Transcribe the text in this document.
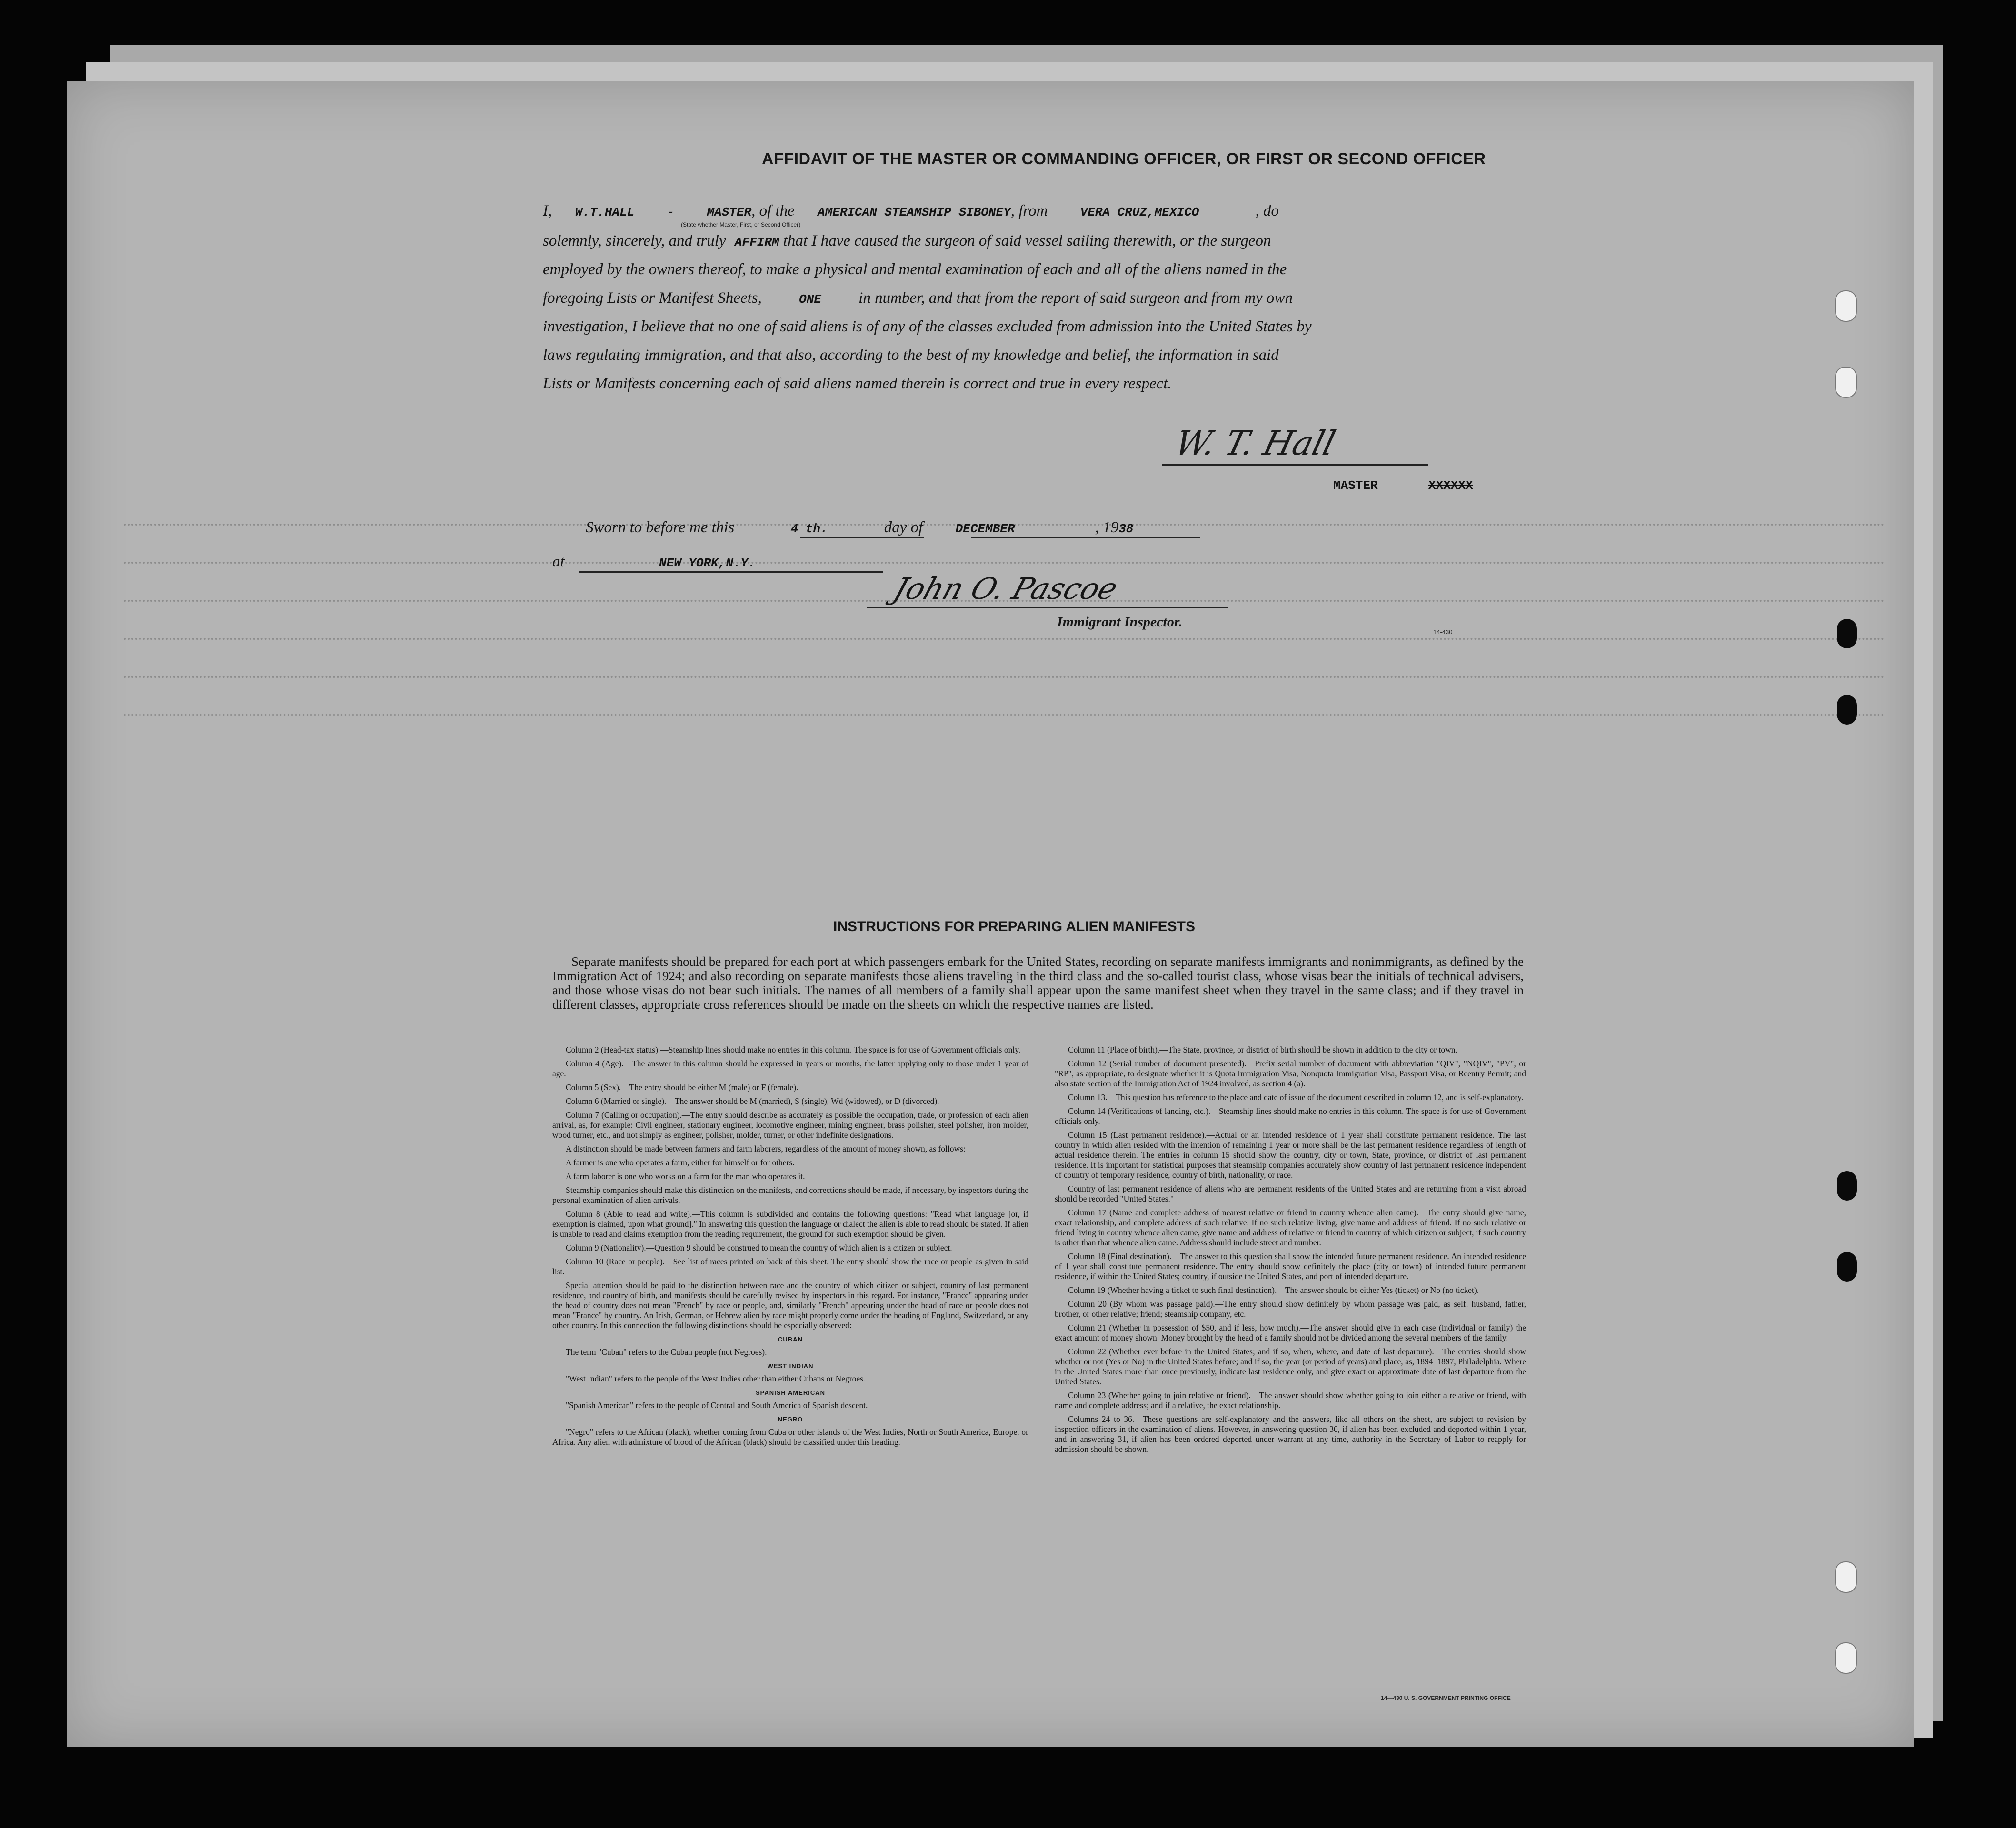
AFFIDAVIT OF THE MASTER OR COMMANDING OFFICER, OR FIRST OR SECOND OFFICER
I, W.T.HALL	-	MASTER, of the AMERICAN STEAMSHIP SIBONEY, from	VERA CRUZ,MEXICO	, do
(State whether Master, First, or Second Officer)
solemnly, sincerely, and truly AFFIRM that I have caused the surgeon of said vessel sailing therewith, or the surgeon
employed by the owners thereof, to make a physical and mental examination of each and all of the aliens named in the
foregoing Lists or Manifest Sheets,	ONE in number, and that from the report of said surgeon and from my own
investigation, I believe that no one of said aliens is of any of the classes excluded from admission into the United States by
laws regulating immigration, and that also, according to the best of my knowledge and belief, the information in said
Lists or Manifests concerning each of said aliens named therein is correct and true in every respect.
W. T. Hall
MASTER	XXXXXX
Sworn to before me this	4 th.	day of	DECEMBER	, 1938
at	NEW YORK,N.Y.
John O. Pascoe
Immigrant Inspector.
14-430
INSTRUCTIONS FOR PREPARING ALIEN MANIFESTS
Separate manifests should be prepared for each port at which passengers embark for the United States, recording on separate manifests immigrants and nonimmigrants, as defined by the Immigration Act of 1924; and also recording on separate manifests those aliens traveling in the third class and the so-called tourist class, whose visas bear the initials of technical advisers, and those whose visas do not bear such initials. The names of all members of a family shall appear upon the same manifest sheet when they travel in the same class; and if they travel in different classes, appropriate cross references should be made on the sheets on which the respective names are listed.

Column 2 (Head-tax status).—Steamship lines should make no entries in this column. The space is for use of Government officials only.

Column 4 (Age).—The answer in this column should be expressed in years or months, the latter applying only to those under 1 year of age.

Column 5 (Sex).—The entry should be either M (male) or F (female).

Column 6 (Married or single).—The answer should be M (married), S (single), Wd (widowed), or D (divorced).

Column 7 (Calling or occupation).—The entry should describe as accurately as possible the occupation, trade, or profession of each alien arrival, as, for example: Civil engineer, stationary engineer, locomotive engineer, mining engineer, brass polisher, steel polisher, iron molder, wood turner, etc., and not simply as engineer, polisher, molder, turner, or other indefinite designations.

A distinction should be made between farmers and farm laborers, regardless of the amount of money shown, as follows:

A farmer is one who operates a farm, either for himself or for others.

A farm laborer is one who works on a farm for the man who operates it.

Steamship companies should make this distinction on the manifests, and corrections should be made, if necessary, by inspectors during the personal examination of alien arrivals.

Column 8 (Able to read and write).—This column is subdivided and contains the following questions: "Read what language [or, if exemption is claimed, upon what ground]." In answering this question the language or dialect the alien is able to read should be stated. If alien is unable to read and claims exemption from the reading requirement, the ground for such exemption should be given.

Column 9 (Nationality).—Question 9 should be construed to mean the country of which alien is a citizen or subject.

Column 10 (Race or people).—See list of races printed on back of this sheet. The entry should show the race or people as given in said list.

Special attention should be paid to the distinction between race and the country of which citizen or subject, country of last permanent residence, and country of birth, and manifests should be carefully revised by inspectors in this regard. For instance, "France" appearing under the head of country does not mean "French" by race or people, and, similarly "French" appearing under the head of race or people does not mean "France" by country. An Irish, German, or Hebrew alien by race might properly come under the heading of England, Switzerland, or any other country. In this connection the following distinctions should be especially observed:

CUBAN

The term "Cuban" refers to the Cuban people (not Negroes).

WEST INDIAN

"West Indian" refers to the people of the West Indies other than either Cubans or Negroes.

SPANISH AMERICAN

"Spanish American" refers to the people of Central and South America of Spanish descent.

NEGRO

"Negro" refers to the African (black), whether coming from Cuba or other islands of the West Indies, North or South America, Europe, or Africa. Any alien with admixture of blood of the African (black) should be classified under this heading.

Column 11 (Place of birth).—The State, province, or district of birth should be shown in addition to the city or town.

Column 12 (Serial number of document presented).—Prefix serial number of document with abbreviation "QIV", "NQIV", "PV", or "RP", as appropriate, to designate whether it is Quota Immigration Visa, Nonquota Immigration Visa, Passport Visa, or Reentry Permit; and also state section of the Immigration Act of 1924 involved, as section 4 (a).

Column 13.—This question has reference to the place and date of issue of the document described in column 12, and is self-explanatory.

Column 14 (Verifications of landing, etc.).—Steamship lines should make no entries in this column. The space is for use of Government officials only.

Column 15 (Last permanent residence).—Actual or an intended residence of 1 year shall constitute permanent residence. The last country in which alien resided with the intention of remaining 1 year or more shall be the last permanent residence regardless of length of actual residence therein. The entries in column 15 should show the country, city or town, State, province, or district of last permanent residence. It is important for statistical purposes that steamship companies accurately show country of last permanent residence independent of country of temporary residence, country of birth, nationality, or race.

Country of last permanent residence of aliens who are permanent residents of the United States and are returning from a visit abroad should be recorded "United States."

Column 17 (Name and complete address of nearest relative or friend in country whence alien came).—The entry should give name, exact relationship, and complete address of such relative. If no such relative living, give name and address of friend. If no such relative or friend living in country whence alien came, give name and address of relative or friend in country of which citizen or subject, if such country is other than that whence alien came. Address should include street and number.

Column 18 (Final destination).—The answer to this question shall show the intended future permanent residence. An intended residence of 1 year shall constitute permanent residence. The entry should show definitely the place (city or town) of intended future permanent residence, if within the United States; country, if outside the United States, and port of intended departure.

Column 19 (Whether having a ticket to such final destination).—The answer should be either Yes (ticket) or No (no ticket).

Column 20 (By whom was passage paid).—The entry should show definitely by whom passage was paid, as self; husband, father, brother, or other relative; friend; steamship company, etc.

Column 21 (Whether in possession of $50, and if less, how much).—The answer should give in each case (individual or family) the exact amount of money shown. Money brought by the head of a family should not be divided among the several members of the family.

Column 22 (Whether ever before in the United States; and if so, when, where, and date of last departure).—The entries should show whether or not (Yes or No) in the United States before; and if so, the year (or period of years) and place, as, 1894–1897, Philadelphia. Where in the United States more than once previously, indicate last residence only, and give exact or approximate date of last departure from the United States.

Column 23 (Whether going to join relative or friend).—The answer should show whether going to join either a relative or friend, with name and complete address; and if a relative, the exact relationship.

Columns 24 to 36.—These questions are self-explanatory and the answers, like all others on the sheet, are subject to revision by inspection officers in the examination of aliens. However, in answering question 30, if alien has been excluded and deported within 1 year, and in answering 31, if alien has been ordered deported under warrant at any time, authority in the Secretary of Labor to reapply for admission should be shown.

14—430 U. S. GOVERNMENT PRINTING OFFICE
